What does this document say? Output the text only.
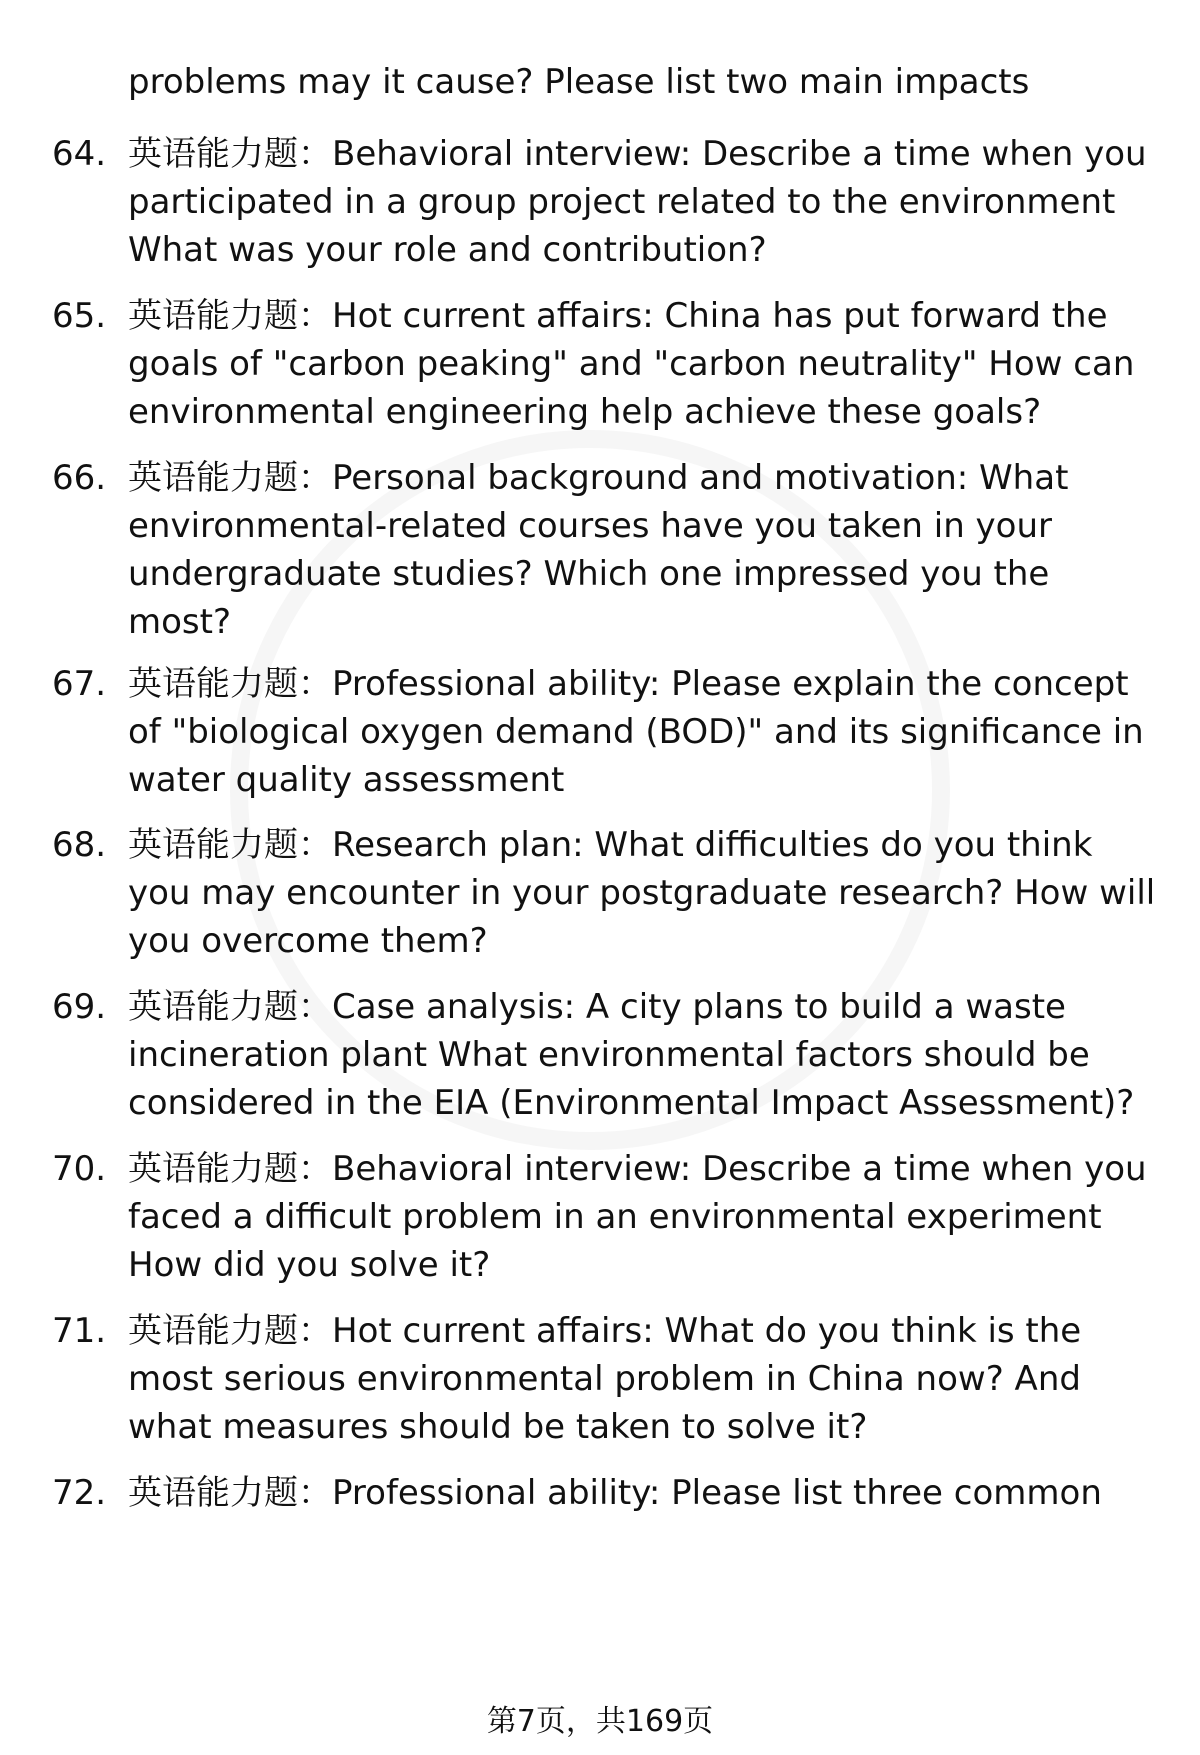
problems may it cause? Please list two main impacts
64. 英语能力题：Behavioral interview: Describe a time when you participated in a group project related to the environment What was your role and contribution?
65. 英语能力题：Hot current affairs: China has put forward the goals of "carbon peaking" and "carbon neutrality" How can environmental engineering help achieve these goals?
66. 英语能力题：Personal background and motivation: What environmental-related courses have you taken in your undergraduate studies? Which one impressed you the most?
67. 英语能力题：Professional ability: Please explain the concept of "biological oxygen demand (BOD)" and its significance in water quality assessment
68. 英语能力题：Research plan: What difficulties do you think you may encounter in your postgraduate research? How will you overcome them?
69. 英语能力题：Case analysis: A city plans to build a waste incineration plant What environmental factors should be considered in the EIA (Environmental Impact Assessment)?
70. 英语能力题：Behavioral interview: Describe a time when you faced a difficult problem in an environmental experiment How did you solve it?
71. 英语能力题：Hot current affairs: What do you think is the most serious environmental problem in China now? And what measures should be taken to solve it?
72. 英语能力题：Professional ability: Please list three common
第7页，共169页
